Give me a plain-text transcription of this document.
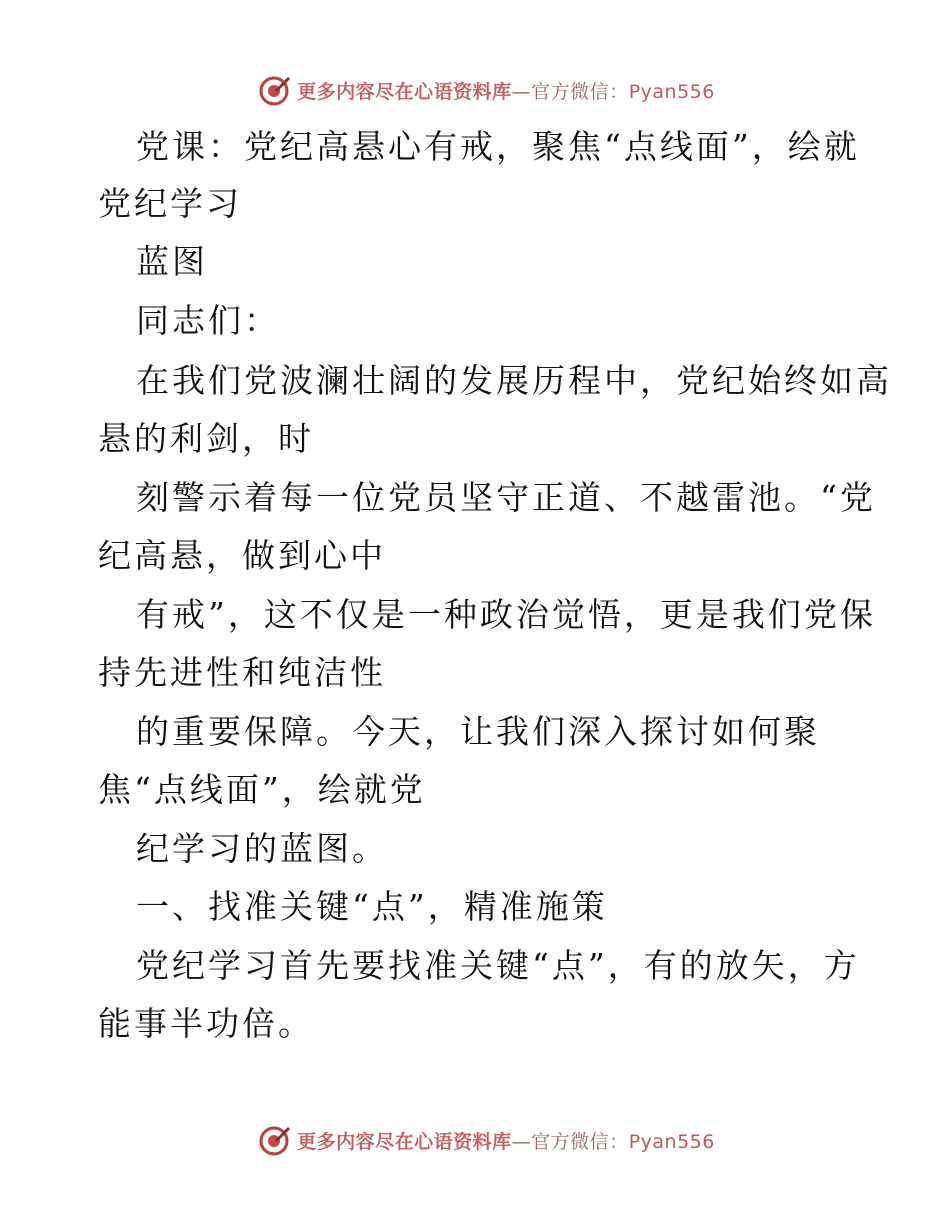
更多内容尽在心语资料库—官方微信：Pyan556
党课：党纪高悬心有戒，聚焦“点线面”，绘就
党纪学习
蓝图
同志们：
在我们党波澜壮阔的发展历程中，党纪始终如高
悬的利剑，时
刻警示着每一位党员坚守正道、不越雷池。“党
纪高悬，做到心中
有戒”，这不仅是一种政治觉悟，更是我们党保
持先进性和纯洁性
的重要保障。今天，让我们深入探讨如何聚
焦“点线面”，绘就党
纪学习的蓝图。
一、找准关键“点”，精准施策
党纪学习首先要找准关键“点”，有的放矢，方
能事半功倍。
更多内容尽在心语资料库—官方微信：Pyan556
